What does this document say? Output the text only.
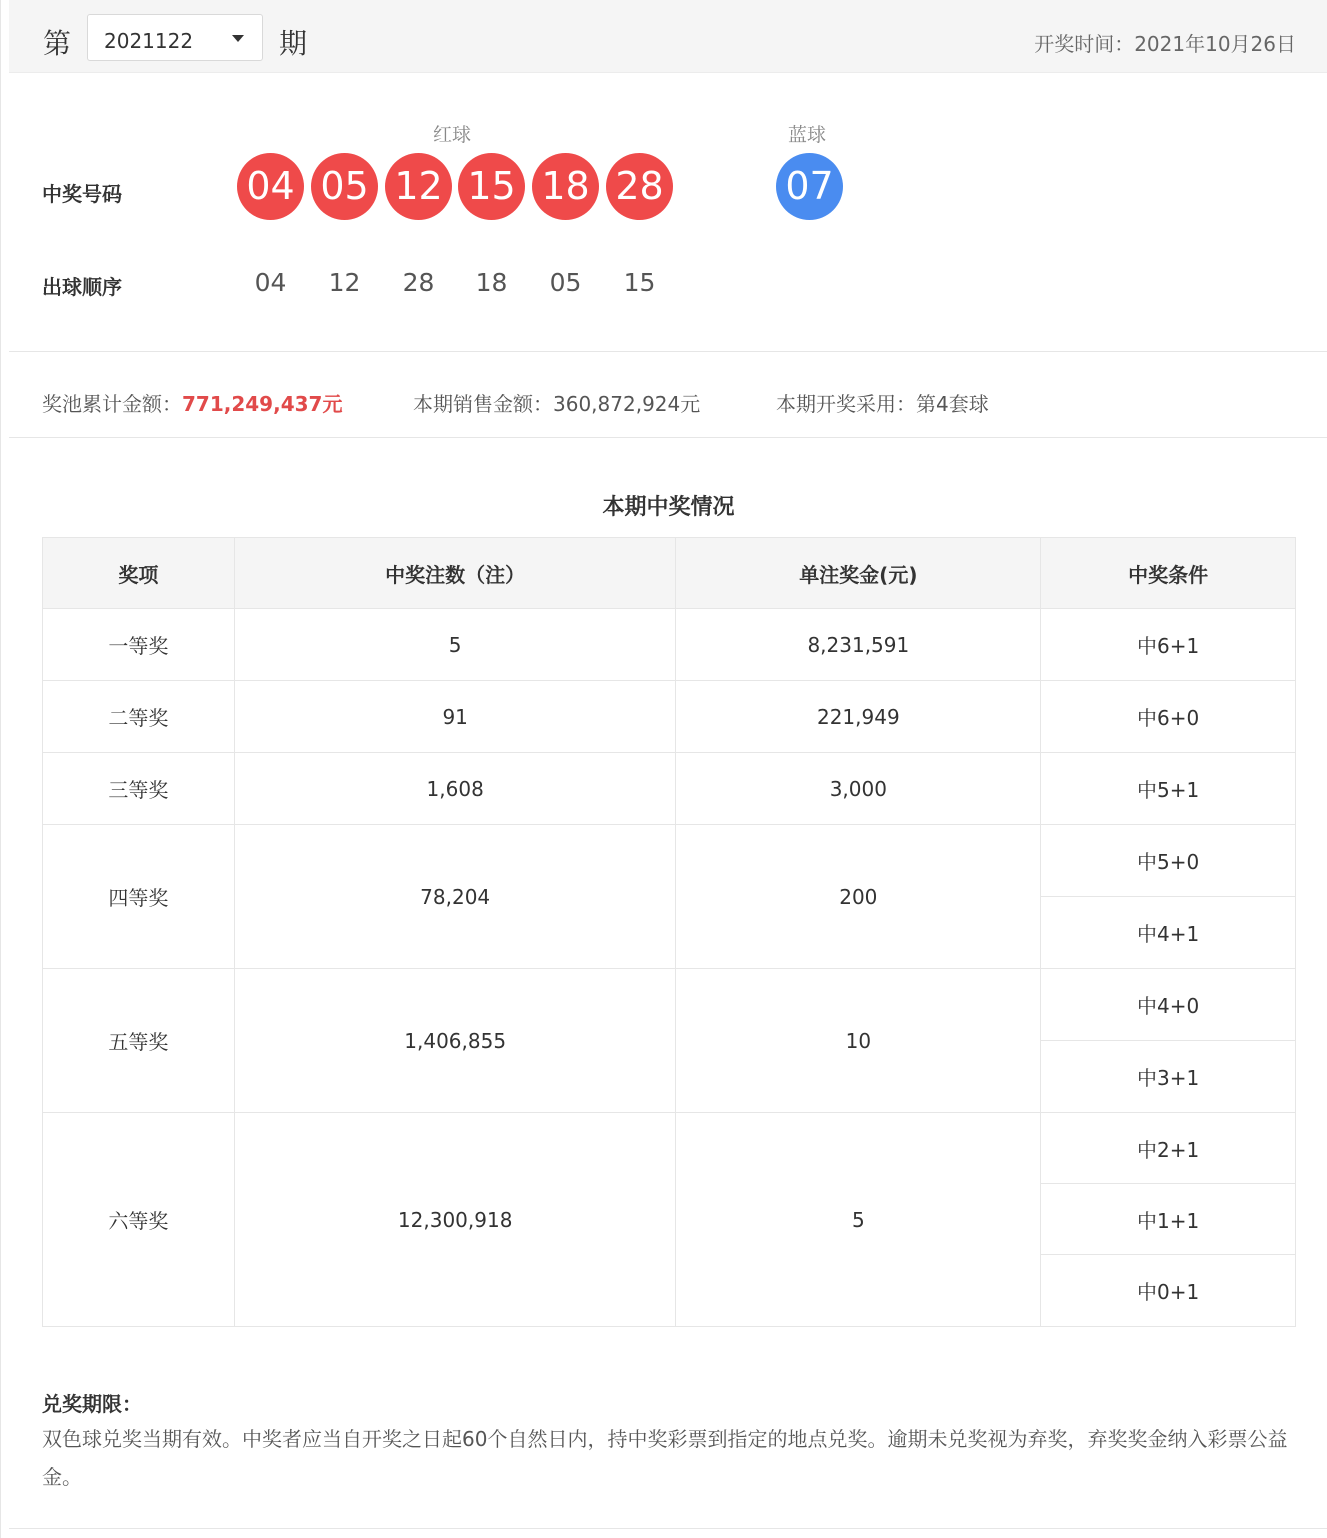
第 2021122	期	开奖时间：2021年10月26日
红球	蓝球
中奖号码
出球顺序
04 05 12 15 18 28	07
04	12	28	18	05	15
奖池累计金额：771,249,437元	本期销售金额：360,872,924元	本期开奖采用：第4套球
本期中奖情况
奖项	中奖注数（注）	单注奖金(元)	中奖条件
一等奖	5	8,231,591	中6+1
二等奖	91	221,949	中6+0
三等奖	1,608	3,000	中5+1
四等奖	78,204	200
中5+0
中4+1
五等奖	1,406,855	10
中4+0
中3+1
六等奖	12,300,918	5
中2+1
中1+1
中0+1
兑奖期限：
双色球兑奖当期有效。中奖者应当自开奖之日起60个自然日内，持中奖彩票到指定的地点兑奖。逾期未兑奖视为弃奖，弃奖奖金纳入彩票公益金。
